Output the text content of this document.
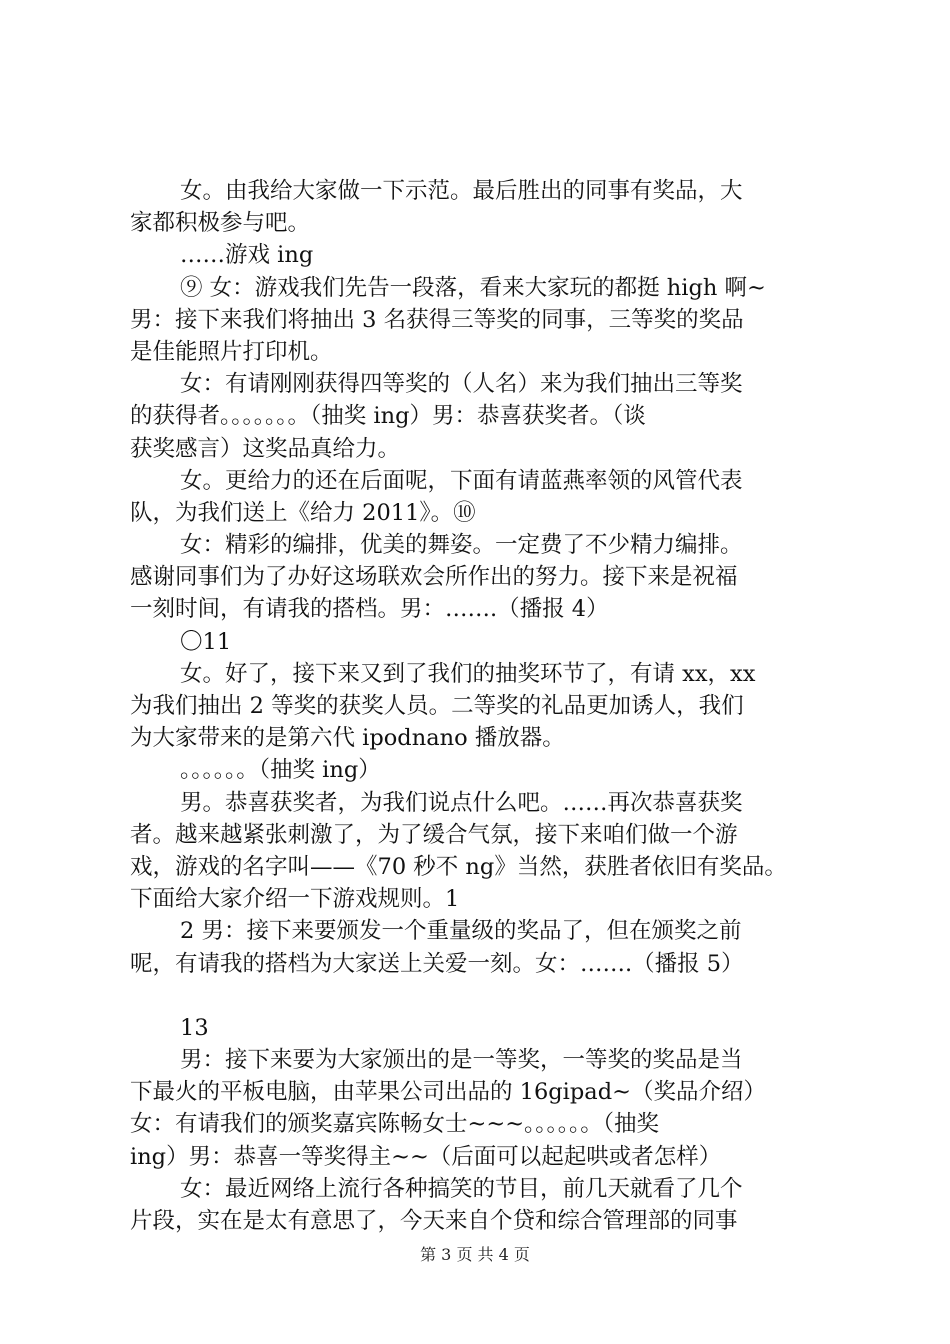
女。由我给大家做一下示范。最后胜出的同事有奖品，大
家都积极参与吧。
……游戏 ing
⑨ 女：游戏我们先告一段落，看来大家玩的都挺 high 啊~
男：接下来我们将抽出 3 名获得三等奖的同事，三等奖的奖品
是佳能照片打印机。
女：有请刚刚获得四等奖的（人名）来为我们抽出三等奖
的获得者。。。。。。。（抽奖 ing）男：恭喜获奖者。（谈
获奖感言）这奖品真给力。
女。更给力的还在后面呢，下面有请蓝燕率领的风管代表
队，为我们送上《给力 2011》。⑩
女：精彩的编排，优美的舞姿。一定费了不少精力编排。
感谢同事们为了办好这场联欢会所作出的努力。接下来是祝福
一刻时间，有请我的搭档。男：…….（播报 4）
〇11
女。好了，接下来又到了我们的抽奖环节了，有请 xx，xx
为我们抽出 2 等奖的获奖人员。二等奖的礼品更加诱人，我们
为大家带来的是第六代 ipodnano 播放器。
。。。。。。（抽奖 ing）
男。恭喜获奖者，为我们说点什么吧。……再次恭喜获奖
者。越来越紧张刺激了，为了缓合气氛，接下来咱们做一个游
戏，游戏的名字叫——《70 秒不 ng》当然，获胜者依旧有奖品。
下面给大家介绍一下游戏规则。1
2 男：接下来要颁发一个重量级的奖品了，但在颁奖之前
呢，有请我的搭档为大家送上关爱一刻。女：…….（播报 5）
13
男：接下来要为大家颁出的是一等奖，一等奖的奖品是当
下最火的平板电脑，由苹果公司出品的 16gipad~（奖品介绍）
女：有请我们的颁奖嘉宾陈畅女士~~~。。。。。。（抽奖
ing）男：恭喜一等奖得主~~（后面可以起起哄或者怎样）
女：最近网络上流行各种搞笑的节目，前几天就看了几个
片段，实在是太有意思了，今天来自个贷和综合管理部的同事
第 3 页 共 4 页
